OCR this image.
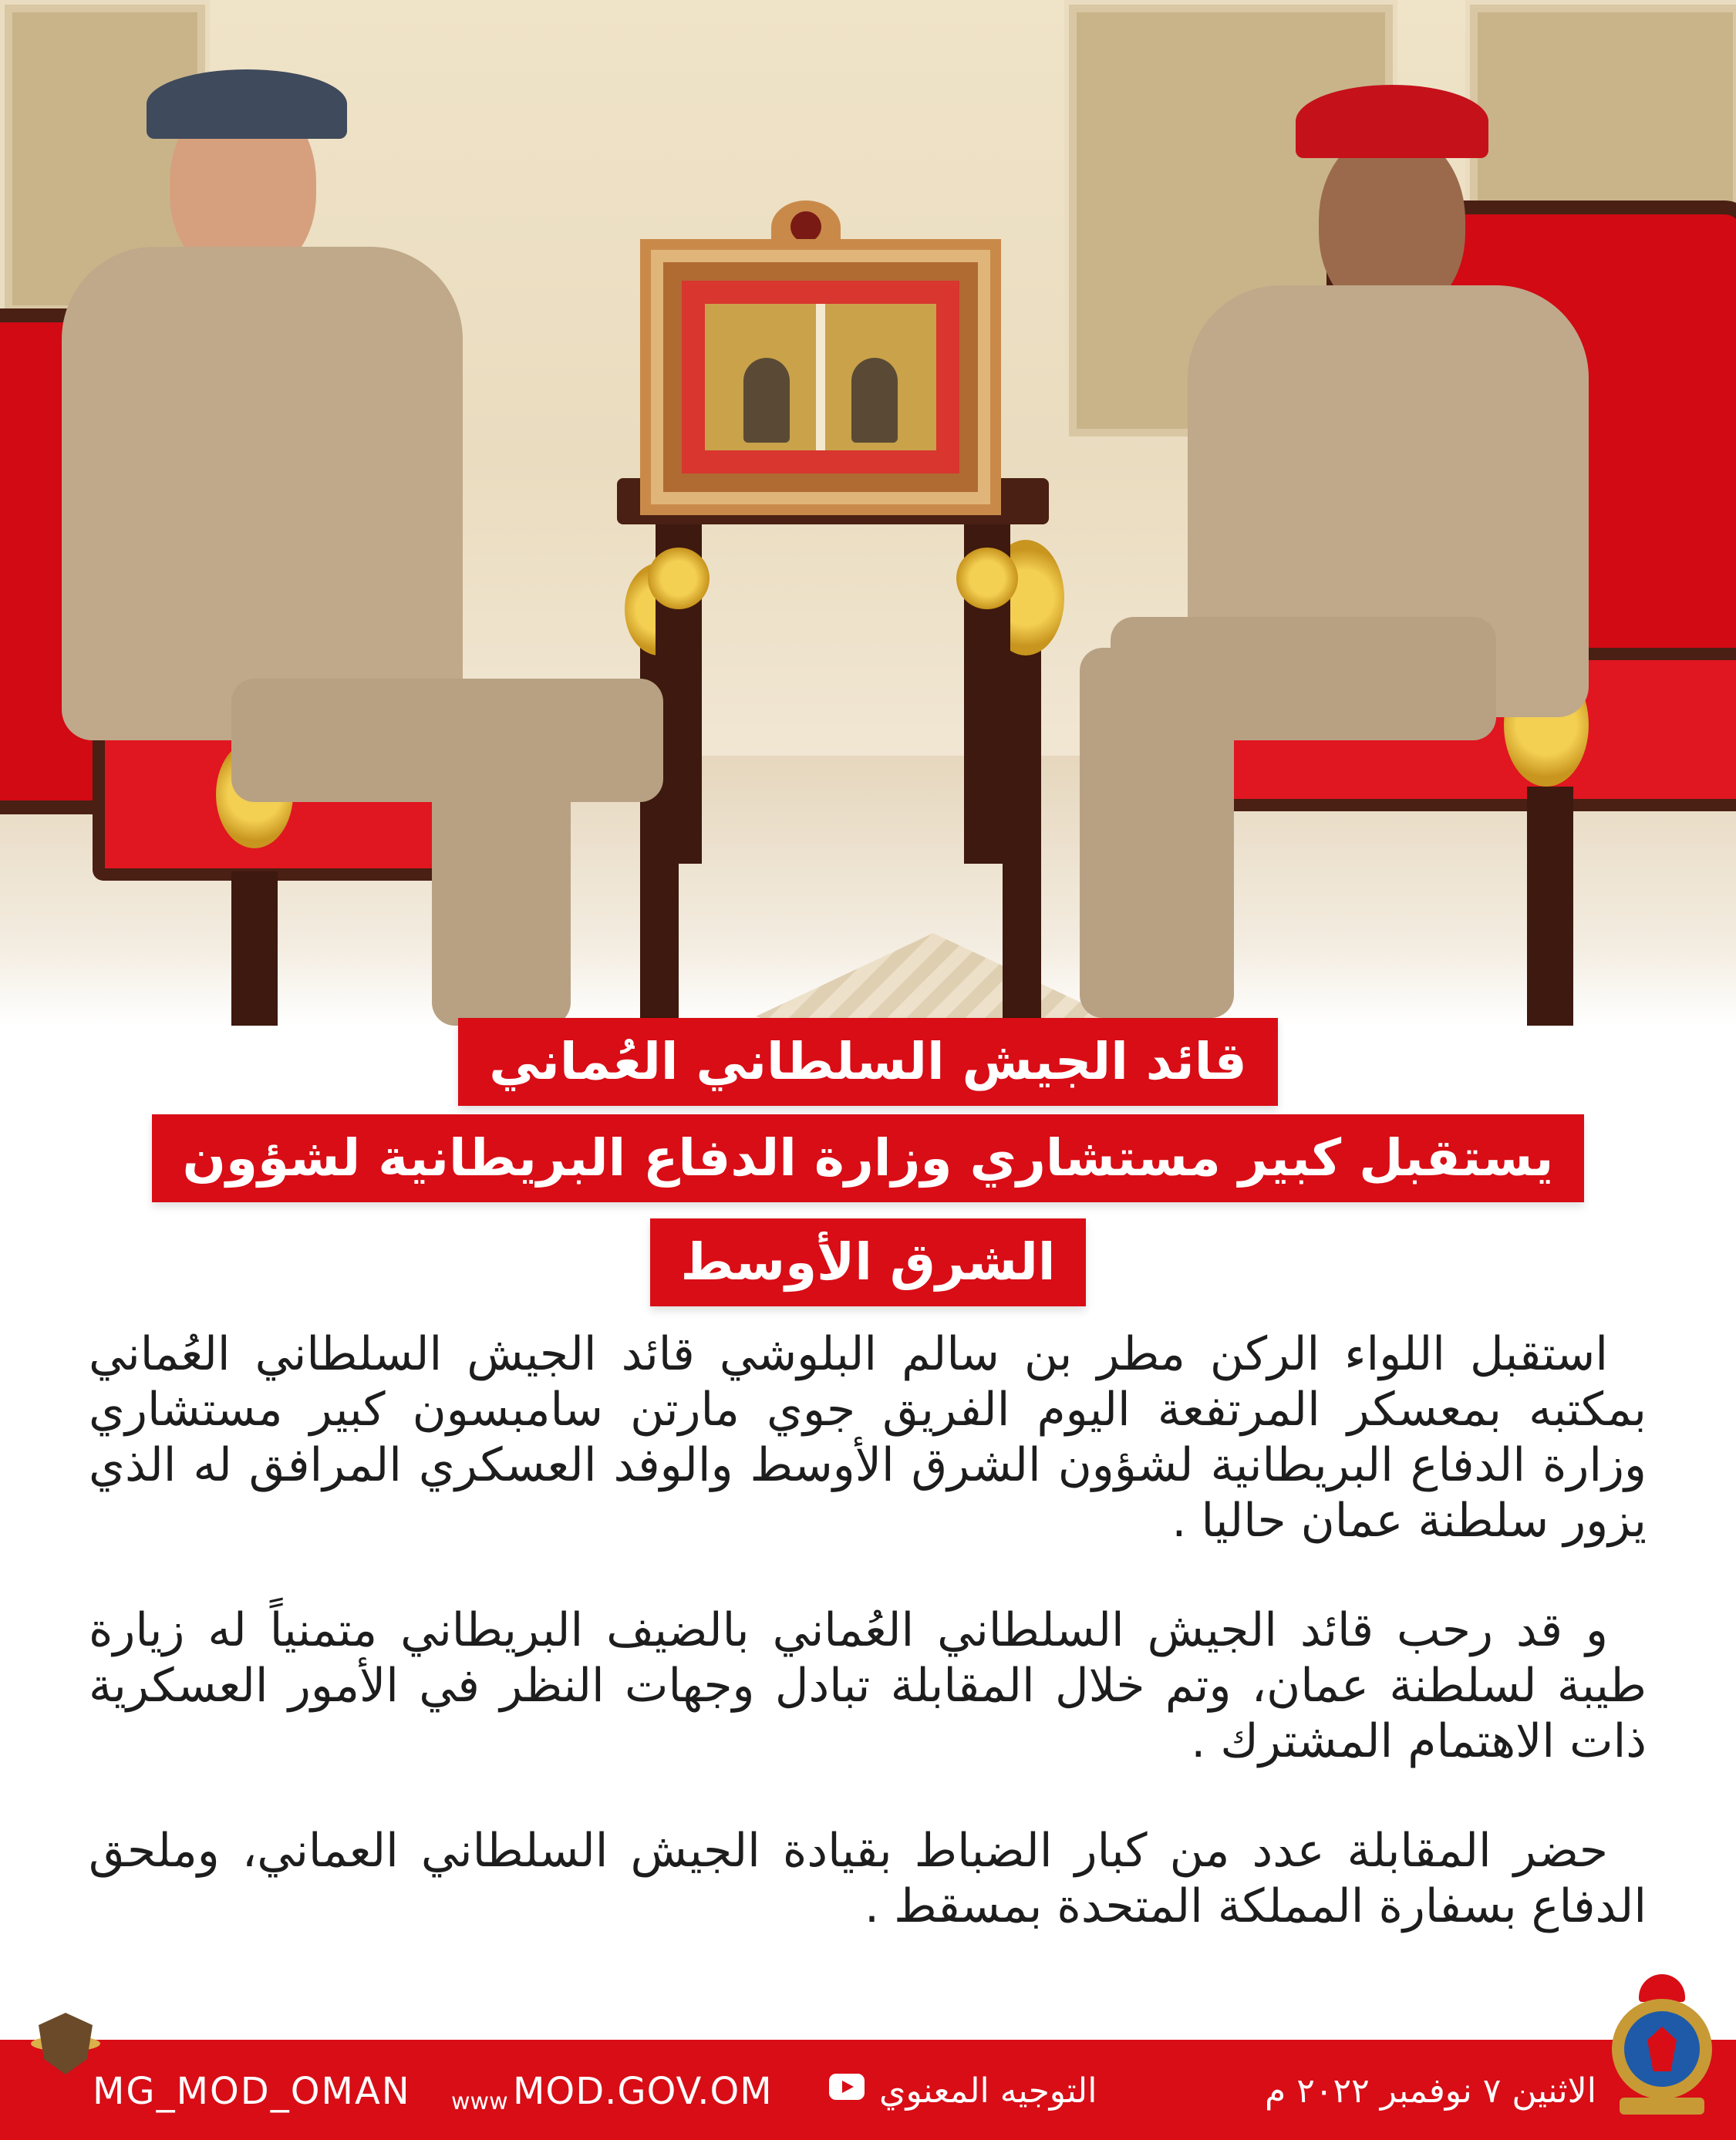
قائد الجيش السلطاني العُماني
يستقبل كبير مستشاري وزارة الدفاع البريطانية لشؤون
الشرق الأوسط

استقبل اللواء الركن مطر بن سالم البلوشي قائد الجيش السلطاني العُماني بمكتبه بمعسكر المرتفعة اليوم الفريق جوي مارتن سامبسون كبير مستشاري وزارة الدفاع البريطانية لشؤون الشرق الأوسط والوفد العسكري المرافق له الذي يزور سلطنة عمان حاليا .

و قد رحب قائد الجيش السلطاني العُماني بالضيف البريطاني متمنياً له زيارة طيبة لسلطنة عمان، وتم خلال المقابلة تبادل وجهات النظر في الأمور العسكرية ذات الاهتمام المشترك .

حضر المقابلة عدد من كبار الضباط بقيادة الجيش السلطاني العماني، وملحق الدفاع بسفارة المملكة المتحدة بمسقط .

MG_MOD_OMAN www MOD.GOV.OM	التوجيه المعنوي	الاثنين ٧ نوفمبر ٢٠٢٢ م
